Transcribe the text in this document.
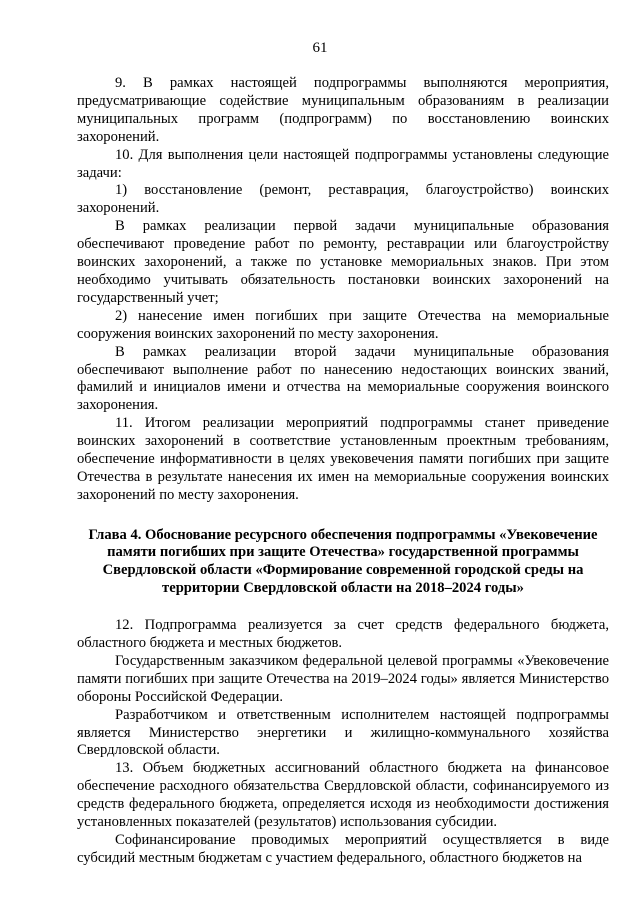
61

9. В рамках настоящей подпрограммы выполняются мероприятия, предусматривающие содействие муниципальным образованиям в реализации муниципальных программ (подпрограмм) по восстановлению воинских захоронений.

10. Для выполнения цели настоящей подпрограммы установлены следующие задачи:

1) восстановление (ремонт, реставрация, благоустройство) воинских захоронений.

В рамках реализации первой задачи муниципальные образования обеспечивают проведение работ по ремонту, реставрации или благоустройству воинских захоронений, а также по установке мемориальных знаков. При этом необходимо учитывать обязательность постановки воинских захоронений на государственный учет;

2) нанесение имен погибших при защите Отечества на мемориальные сооружения воинских захоронений по месту захоронения.

В рамках реализации второй задачи муниципальные образования обеспечивают выполнение работ по нанесению недостающих воинских званий, фамилий и инициалов имени и отчества на мемориальные сооружения воинского захоронения.

11. Итогом реализации мероприятий подпрограммы станет приведение воинских захоронений в соответствие установленным проектным требованиям, обеспечение информативности в целях увековечения памяти погибших при защите Отечества в результате нанесения их имен на мемориальные сооружения воинских захоронений по месту захоронения.

Глава 4. Обоснование ресурсного обеспечения подпрограммы «Увековечение памяти погибших при защите Отечества» государственной программы Свердловской области «Формирование современной городской среды на территории Свердловской области на 2018–2024 годы»

12. Подпрограмма реализуется за счет средств федерального бюджета, областного бюджета и местных бюджетов.

Государственным заказчиком федеральной целевой программы «Увековечение памяти погибших при защите Отечества на 2019–2024 годы» является Министерство обороны Российской Федерации.

Разработчиком и ответственным исполнителем настоящей подпрограммы является Министерство энергетики и жилищно-коммунального хозяйства Свердловской области.

13. Объем бюджетных ассигнований областного бюджета на финансовое обеспечение расходного обязательства Свердловской области, софинансируемого из средств федерального бюджета, определяется исходя из необходимости достижения установленных показателей (результатов) использования субсидии.

Софинансирование проводимых мероприятий осуществляется в виде субсидий местным бюджетам с участием федерального, областного бюджетов на
